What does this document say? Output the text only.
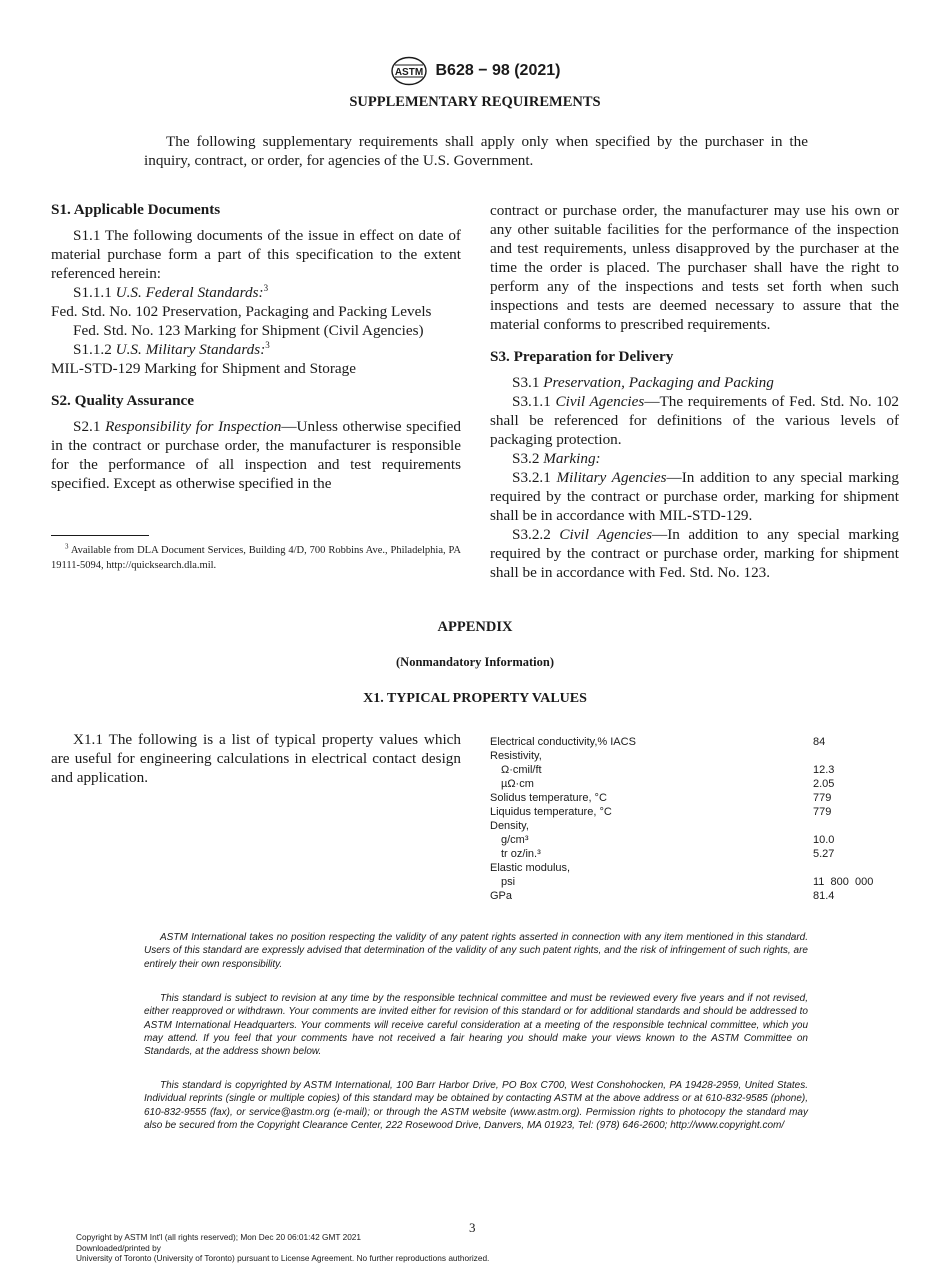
ASTM B628 − 98 (2021)
SUPPLEMENTARY REQUIREMENTS

The following supplementary requirements shall apply only when specified by the purchaser in the inquiry, contract, or order, for agencies of the U.S. Government.

S1. Applicable Documents

S1.1 The following documents of the issue in effect on date of material purchase form a part of this specification to the extent referenced herein:

S1.1.1 U.S. Federal Standards:$^3$

Fed. Std. No. 102 Preservation, Packaging and Packing Levels

Fed. Std. No. 123 Marking for Shipment (Civil Agencies)

S1.1.2 U.S. Military Standards:$^3$

MIL-STD-129 Marking for Shipment and Storage

S2. Quality Assurance

S2.1 Responsibility for Inspection—Unless otherwise specified in the contract or purchase order, the manufacturer is responsible for the performance of all inspection and test requirements specified. Except as otherwise specified in the

$^3$ Available from DLA Document Services, Building 4/D, 700 Robbins Ave., Philadelphia, PA 19111-5094, http://quicksearch.dla.mil.

contract or purchase order, the manufacturer may use his own or any other suitable facilities for the performance of the inspection and test requirements, unless disapproved by the purchaser at the time the order is placed. The purchaser shall have the right to perform any of the inspections and tests set forth when such inspections and tests are deemed necessary to assure that the material conforms to prescribed requirements.

S3. Preparation for Delivery

S3.1 Preservation, Packaging and Packing

S3.1.1 Civil Agencies—The requirements of Fed. Std. No. 102 shall be referenced for definitions of the various levels of packaging protection.

S3.2 Marking:

S3.2.1 Military Agencies—In addition to any special marking required by the contract or purchase order, marking for shipment shall be in accordance with MIL-STD-129.

S3.2.2 Civil Agencies—In addition to any special marking required by the contract or purchase order, marking for shipment shall be in accordance with Fed. Std. No. 123.

APPENDIX
(Nonmandatory Information)
X1. TYPICAL PROPERTY VALUES

X1.1 The following is a list of typical property values which are useful for engineering calculations in electrical contact design and application.

Electrical conductivity,% IACS	84
Resistivity,	
Ω·cmil/ft	12.3
µΩ·cm	2.05
Solidus temperature, °C	779
Liquidus temperature, °C	779
Density,	
g/cm³	10.0
tr oz/in.³	5.27
Elastic modulus,	
psi	11  800  000
GPa	81.4

ASTM International takes no position respecting the validity of any patent rights asserted in connection with any item mentioned in this standard. Users of this standard are expressly advised that determination of the validity of any such patent rights, and the risk of infringement of such rights, are entirely their own responsibility.

This standard is subject to revision at any time by the responsible technical committee and must be reviewed every five years and if not revised, either reapproved or withdrawn. Your comments are invited either for revision of this standard or for additional standards and should be addressed to ASTM International Headquarters. Your comments will receive careful consideration at a meeting of the responsible technical committee, which you may attend. If you feel that your comments have not received a fair hearing you should make your views known to the ASTM Committee on Standards, at the address shown below.

This standard is copyrighted by ASTM International, 100 Barr Harbor Drive, PO Box C700, West Conshohocken, PA 19428-2959, United States. Individual reprints (single or multiple copies) of this standard may be obtained by contacting ASTM at the above address or at 610-832-9585 (phone), 610-832-9555 (fax), or service@astm.org (e-mail); or through the ASTM website (www.astm.org). Permission rights to photocopy the standard may also be secured from the Copyright Clearance Center, 222 Rosewood Drive, Danvers, MA 01923, Tel: (978) 646-2600; http://www.copyright.com/

3
Copyright by ASTM Int'l (all rights reserved); Mon Dec 20 06:01:42 GMT 2021
Downloaded/printed by
University of Toronto (University of Toronto) pursuant to License Agreement. No further reproductions authorized.
